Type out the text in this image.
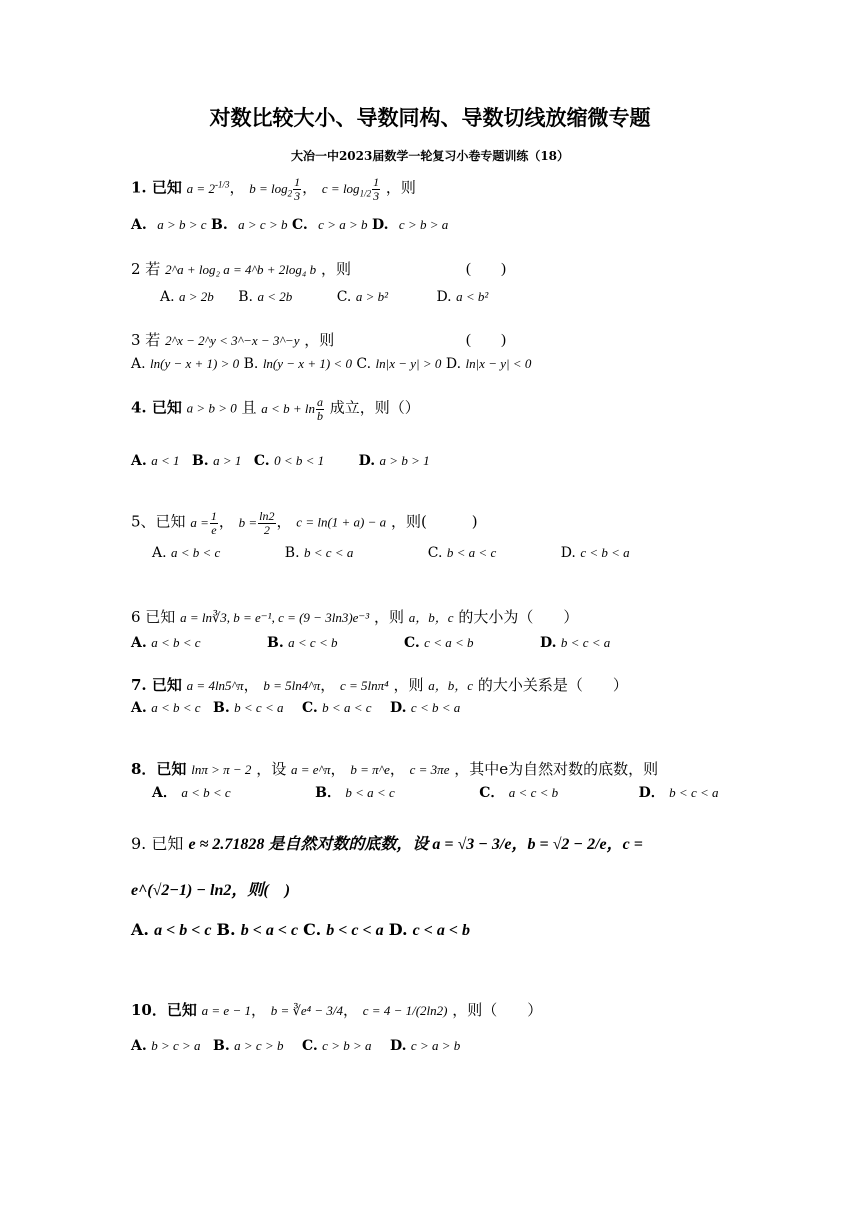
对数比较大小、导数同构、导数切线放缩微专题
大冶一中2023届数学一轮复习小卷专题训练（18）
1. 已知 $a = 2^{-1/3}$， $b = \log_2 \frac{1}{3}$ ， $c = \log_{1/2} \frac{1}{3}$ ，则
A. a > b > c B. a > c > b C. c > a > b D. c > b > a
2 若 2^a + log₂ a = 4^b + 2log₄ b ，则	(　　)
A. a > 2b B. a < 2b	C. a > b²	D. a < b²
3 若 2^x − 2^y < 3^−x − 3^−y ，则	(　　)
A. ln(y − x + 1) > 0 B. ln(y − x + 1) < 0 C. ln|x − y| > 0 D. ln|x − y| < 0
4. 已知 a > b > 0 且 $a < b + \ln \frac{a}{b}$ 成立，则（）
A. a < 1 B. a > 1 C. 0 < b < 1 D. a > b > 1
5、已知 $a = \frac{1}{e}$ ， $b = \frac{\ln 2}{2}$ ， c = ln(1 + a) − a ，则(　　　)
A. a < b < c	B. b < c < a	C. b < a < c	D. c < b < a
6 已知 a = ln∛3, b = e⁻¹, c = (9 − 3ln3)e⁻³ ，则 a，b，c 的大小为（　　）
A. a < b < c	B. a < c < b	C. c < a < b	D. b < c < a
7. 已知 a = 4ln5^π， b = 5ln4^π， c = 5lnπ⁴ ，则 a，b，c 的大小关系是（　　）
A. a < b < c B. b < c < a C. b < a < c D. c < b < a
8．已知 lnπ > π − 2 ，设 a = e^π， b = π^e， c = 3πe ，其中e为自然对数的底数，则
A． a < b < c	B． b < a < c	C． a < c < b	D． b < c < a
9. 已知 e ≈ 2.71828 是自然对数的底数，设 a = √3 − 3/e，b = √2 − 2/e，c =
e^(√2−1) − ln2，则(　)
A. a < b < c B. b < a < c C. b < c < a D. c < a < b
10．已知 a = e − 1， b = ∛e⁴ − 3/4， c = 4 − 1/(2ln2) ，则（　　）
A. b > c > a B. a > c > b C. c > b > a D. c > a > b
